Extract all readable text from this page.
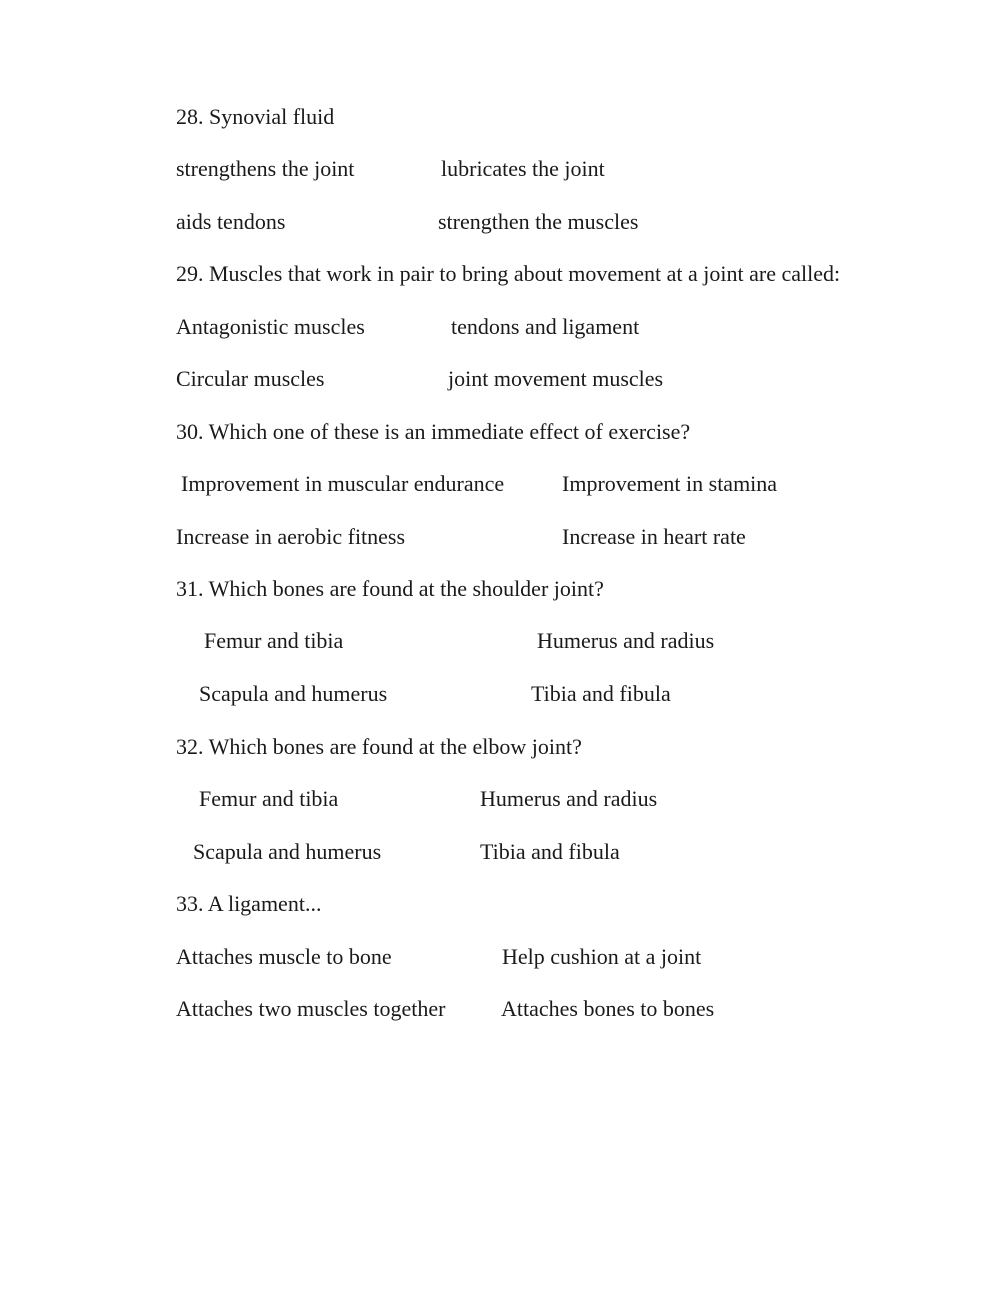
28. Synovial fluid
strengthens the joint	lubricates the joint
aids tendons	strengthen the muscles
29. Muscles that work in pair to bring about movement at a joint are called:
Antagonistic muscles	tendons and ligament
Circular muscles	joint movement muscles
30. Which one of these is an immediate effect of exercise?
Improvement in muscular endurance	Improvement in stamina
Increase in aerobic fitness	Increase in heart rate
31. Which bones are found at the shoulder joint?
Femur and tibia	Humerus and radius
Scapula and humerus	Tibia and fibula
32. Which bones are found at the elbow joint?
Femur and tibia	Humerus and radius
Scapula and humerus	Tibia and fibula
33. A ligament...
Attaches muscle to bone	Help cushion at a joint
Attaches two muscles together	Attaches bones to bones
